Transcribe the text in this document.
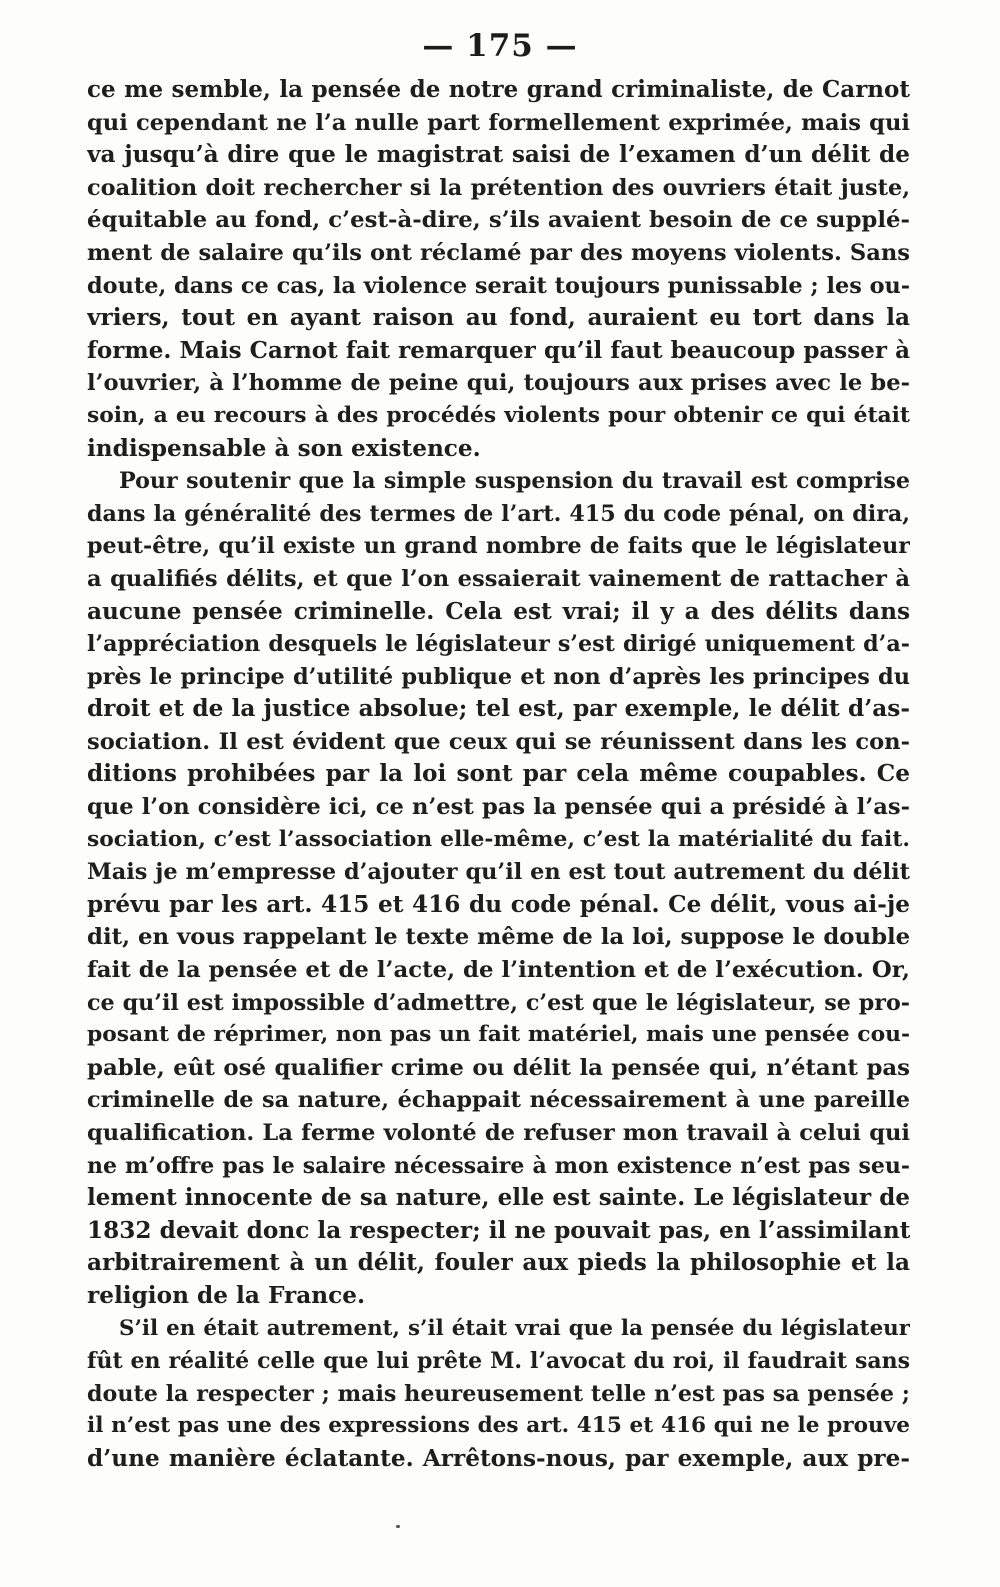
— 175 —
ce me semble, la pensée de notre grand criminaliste, de Carnot
qui cependant ne l’a nulle part formellement exprimée, mais qui
va jusqu’à dire que le magistrat saisi de l’examen d’un délit de
coalition doit rechercher si la prétention des ouvriers était juste,
équitable au fond, c’est-à-dire, s’ils avaient besoin de ce supplé-
ment de salaire qu’ils ont réclamé par des moyens violents. Sans
doute, dans ce cas, la violence serait toujours punissable ; les ou-
vriers, tout en ayant raison au fond, auraient eu tort dans la
forme. Mais Carnot fait remarquer qu’il faut beaucoup passer à
l’ouvrier, à l’homme de peine qui, toujours aux prises avec le be-
soin, a eu recours à des procédés violents pour obtenir ce qui était
indispensable à son existence.
Pour soutenir que la simple suspension du travail est comprise
dans la généralité des termes de l’art. 415 du code pénal, on dira,
peut-être, qu’il existe un grand nombre de faits que le législateur
a qualifiés délits, et que l’on essaierait vainement de rattacher à
aucune pensée criminelle. Cela est vrai; il y a des délits dans
l’appréciation desquels le législateur s’est dirigé uniquement d’a-
près le principe d’utilité publique et non d’après les principes du
droit et de la justice absolue; tel est, par exemple, le délit d’as-
sociation. Il est évident que ceux qui se réunissent dans les con-
ditions prohibées par la loi sont par cela même coupables. Ce
que l’on considère ici, ce n’est pas la pensée qui a présidé à l’as-
sociation, c’est l’association elle-même, c’est la matérialité du fait.
Mais je m’empresse d’ajouter qu’il en est tout autrement du délit
prévu par les art. 415 et 416 du code pénal. Ce délit, vous ai-je
dit, en vous rappelant le texte même de la loi, suppose le double
fait de la pensée et de l’acte, de l’intention et de l’exécution. Or,
ce qu’il est impossible d’admettre, c’est que le législateur, se pro-
posant de réprimer, non pas un fait matériel, mais une pensée cou-
pable, eût osé qualifier crime ou délit la pensée qui, n’étant pas
criminelle de sa nature, échappait nécessairement à une pareille
qualification. La ferme volonté de refuser mon travail à celui qui
ne m’offre pas le salaire nécessaire à mon existence n’est pas seu-
lement innocente de sa nature, elle est sainte. Le législateur de
1832 devait donc la respecter; il ne pouvait pas, en l’assimilant
arbitrairement à un délit, fouler aux pieds la philosophie et la
religion de la France.
S’il en était autrement, s’il était vrai que la pensée du législateur
fût en réalité celle que lui prête M. l’avocat du roi, il faudrait sans
doute la respecter ; mais heureusement telle n’est pas sa pensée ;
il n’est pas une des expressions des art. 415 et 416 qui ne le prouve
d’une manière éclatante. Arrêtons-nous, par exemple, aux pre-
